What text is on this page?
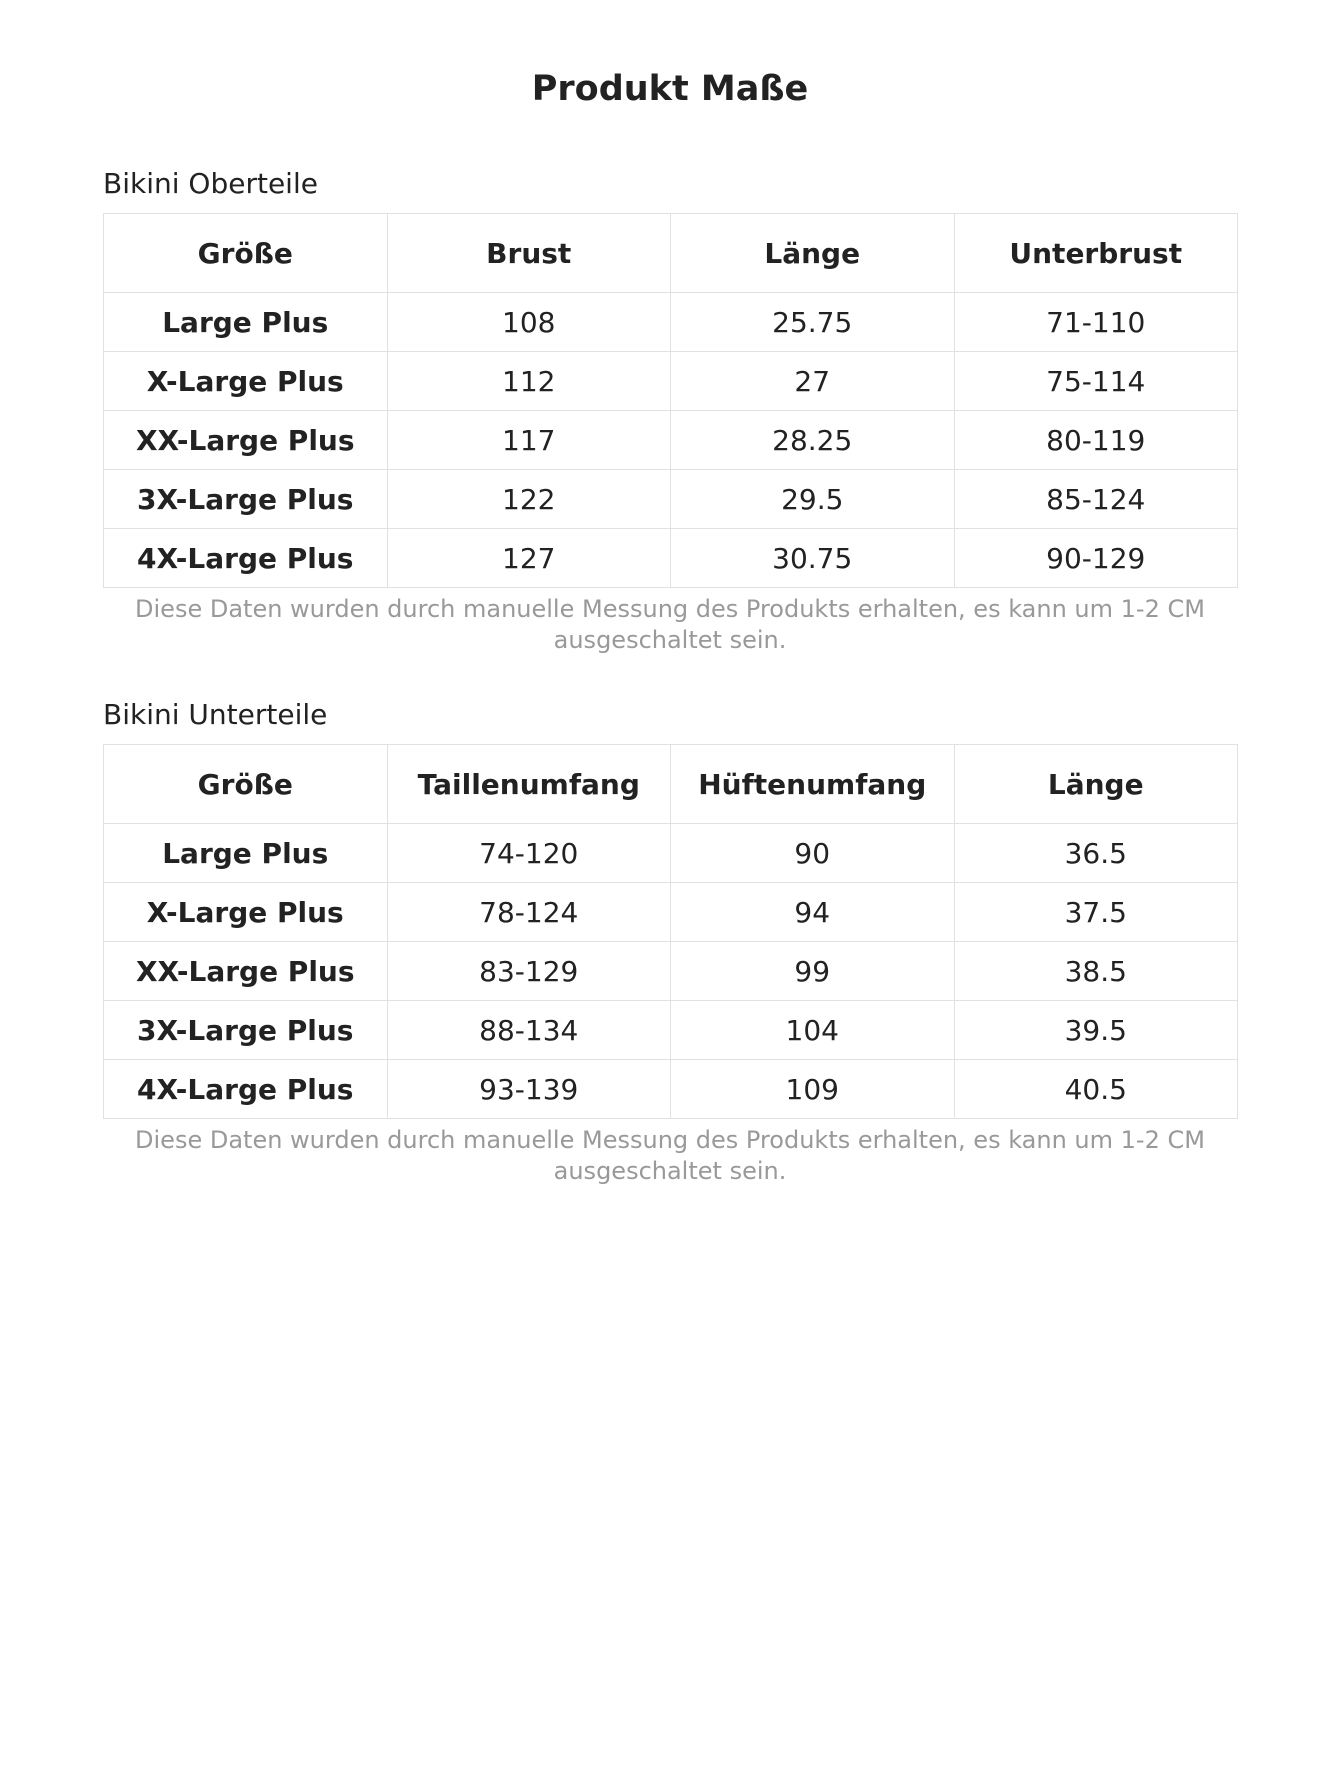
Produkt Maße
Bikini Oberteile
Größe	Brust	Länge	Unterbrust
Large Plus	108	25.75	71-110
X-Large Plus	112	27	75-114
XX-Large Plus	117	28.25	80-119
3X-Large Plus	122	29.5	85-124
4X-Large Plus	127	30.75	90-129
Diese Daten wurden durch manuelle Messung des Produkts erhalten, es kann um 1-2 CM ausgeschaltet sein.
Bikini Unterteile
Größe	Taillenumfang	Hüftenumfang	Länge
Large Plus	74-120	90	36.5
X-Large Plus	78-124	94	37.5
XX-Large Plus	83-129	99	38.5
3X-Large Plus	88-134	104	39.5
4X-Large Plus	93-139	109	40.5
Diese Daten wurden durch manuelle Messung des Produkts erhalten, es kann um 1-2 CM ausgeschaltet sein.
